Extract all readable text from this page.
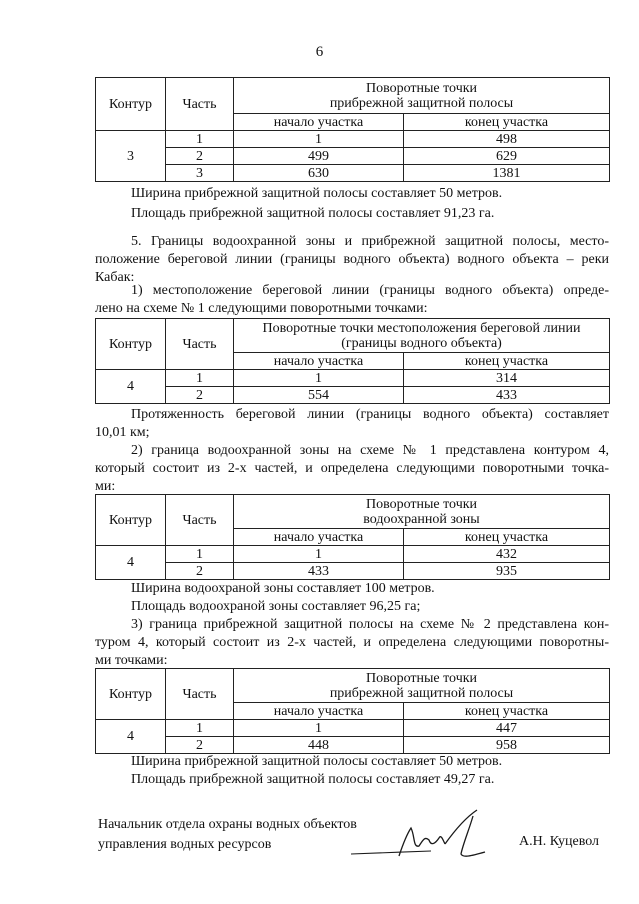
6
Контур	Часть	Поворотные точки
прибрежной защитной полосы	

		начало участка	конец участка
3	1	1	498
	2	499	629
	3	630	1381
Ширина прибрежной защитной полосы составляет 50 метров.
Площадь прибрежной защитной полосы составляет 91,23 га.
5. Границы водоохранной зоны и прибрежной защитной полосы, место-
положение береговой линии (границы водного объекта) водного объекта – реки
Кабак:
1) местоположение береговой линии (границы водного объекта) опреде-
лено на схеме № 1 следующими поворотными точками:
Контур	Часть	Поворотные точки местоположения береговой линии
(границы водного объекта)	

		начало участка	конец участка
4	1	1	314
	2	554	433
Протяженность береговой линии (границы водного объекта) составляет
10,01 км;
2) граница водоохранной зоны на схеме № 1 представлена контуром 4,
который состоит из 2-х частей, и определена следующими поворотными точка-
ми:
Контур	Часть	Поворотные точки
водоохранной зоны	

		начало участка	конец участка
4	1	1	432
	2	433	935
Ширина водоохраной зоны составляет 100 метров.
Площадь водоохраной зоны составляет 96,25 га;
3) граница прибрежной защитной полосы на схеме № 2 представлена кон-
туром 4, который состоит из 2-х частей, и определена следующими поворотны-
ми точками:
Контур	Часть	Поворотные точки
прибрежной защитной полосы	

		начало участка	конец участка
4	1	1	447
	2	448	958
Ширина прибрежной защитной полосы составляет 50 метров.
Площадь прибрежной защитной полосы составляет 49,27 га.
Начальник отдела охраны водных объектов
управления водных ресурсов	А.Н. Куцевол
